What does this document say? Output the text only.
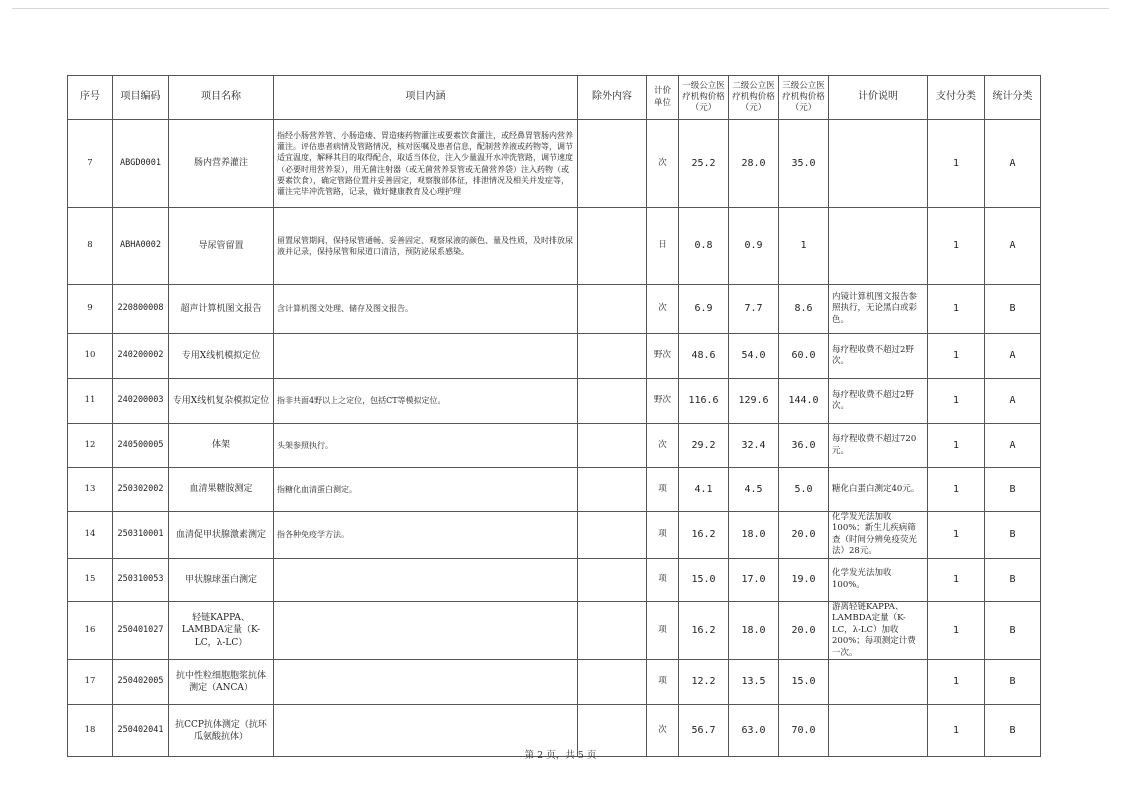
序号	项目编码	项目名称	项目内涵	除外内容	计价单位	一级公立医疗机构价格（元）	二级公立医疗机构价格（元）	三级公立医疗机构价格（元）	计价说明	支付分类	统计分类
7	ABGD0001	肠内营养灌注	指经小肠营养管、小肠造瘘、胃造瘘药物灌注或要素饮食灌注，或经鼻胃管肠内营养灌注。评估患者病情及管路情况，核对医嘱及患者信息，配制营养液或药物等，调节适宜温度，解释其目的取得配合，取适当体位，注入少量温开水冲洗管路，调节速度（必要时用营养泵），用无菌注射器（或无菌营养泵管或无菌营养袋）注入药物（或要素饮食），确定管路位置并妥善固定，观察腹部体征，排泄情况及相关并发症等，灌注完毕冲洗管路，记录，做好健康教育及心理护理		次	25.2	28.0	35.0		1	A
8	ABHA0002	导尿管留置	留置尿管期间，保持尿管通畅、妥善固定、观察尿液的颜色、量及性质，及时排放尿液并记录，保持尿管和尿道口清洁，预防泌尿系感染。		日	0.8	0.9	1		1	A
9	220800008	超声计算机图文报告	含计算机图文处理、储存及图文报告。		次	6.9	7.7	8.6	内镜计算机图文报告参照执行，无论黑白或彩色。	1	B
10	240200002	专用X线机模拟定位			野次	48.6	54.0	60.0	每疗程收费不超过2野次。	1	A
11	240200003	专用X线机复杂模拟定位	指非共面4野以上之定位，包括CT等模拟定位。		野次	116.6	129.6	144.0	每疗程收费不超过2野次。	1	A
12	240500005	体架	头架参照执行。		次	29.2	32.4	36.0	每疗程收费不超过720元。	1	A
13	250302002	血清果糖胺测定	指糖化血清蛋白测定。		项	4.1	4.5	5.0	糖化白蛋白测定40元。	1	B
14	250310001	血清促甲状腺激素测定	指各种免疫学方法。		项	16.2	18.0	20.0	化学发光法加收100%；新生儿疾病筛查（时间分辨免疫荧光法）28元。	1	B
15	250310053	甲状腺球蛋白测定			项	15.0	17.0	19.0	化学发光法加收100%。	1	B
16	250401027	轻链KAPPA、LAMBDA定量（K-LC，λ-LC）			项	16.2	18.0	20.0	游离轻链KAPPA、LAMBDA定量（K-LC，λ-LC）加收200%；每项测定计费一次。	1	B
17	250402005	抗中性粒细胞胞浆抗体测定（ANCA）			项	12.2	13.5	15.0		1	B
18	250402041	抗CCP抗体测定（抗环瓜氨酸抗体）			次	56.7	63.0	70.0		1	B
第 2 页，共 5 页
